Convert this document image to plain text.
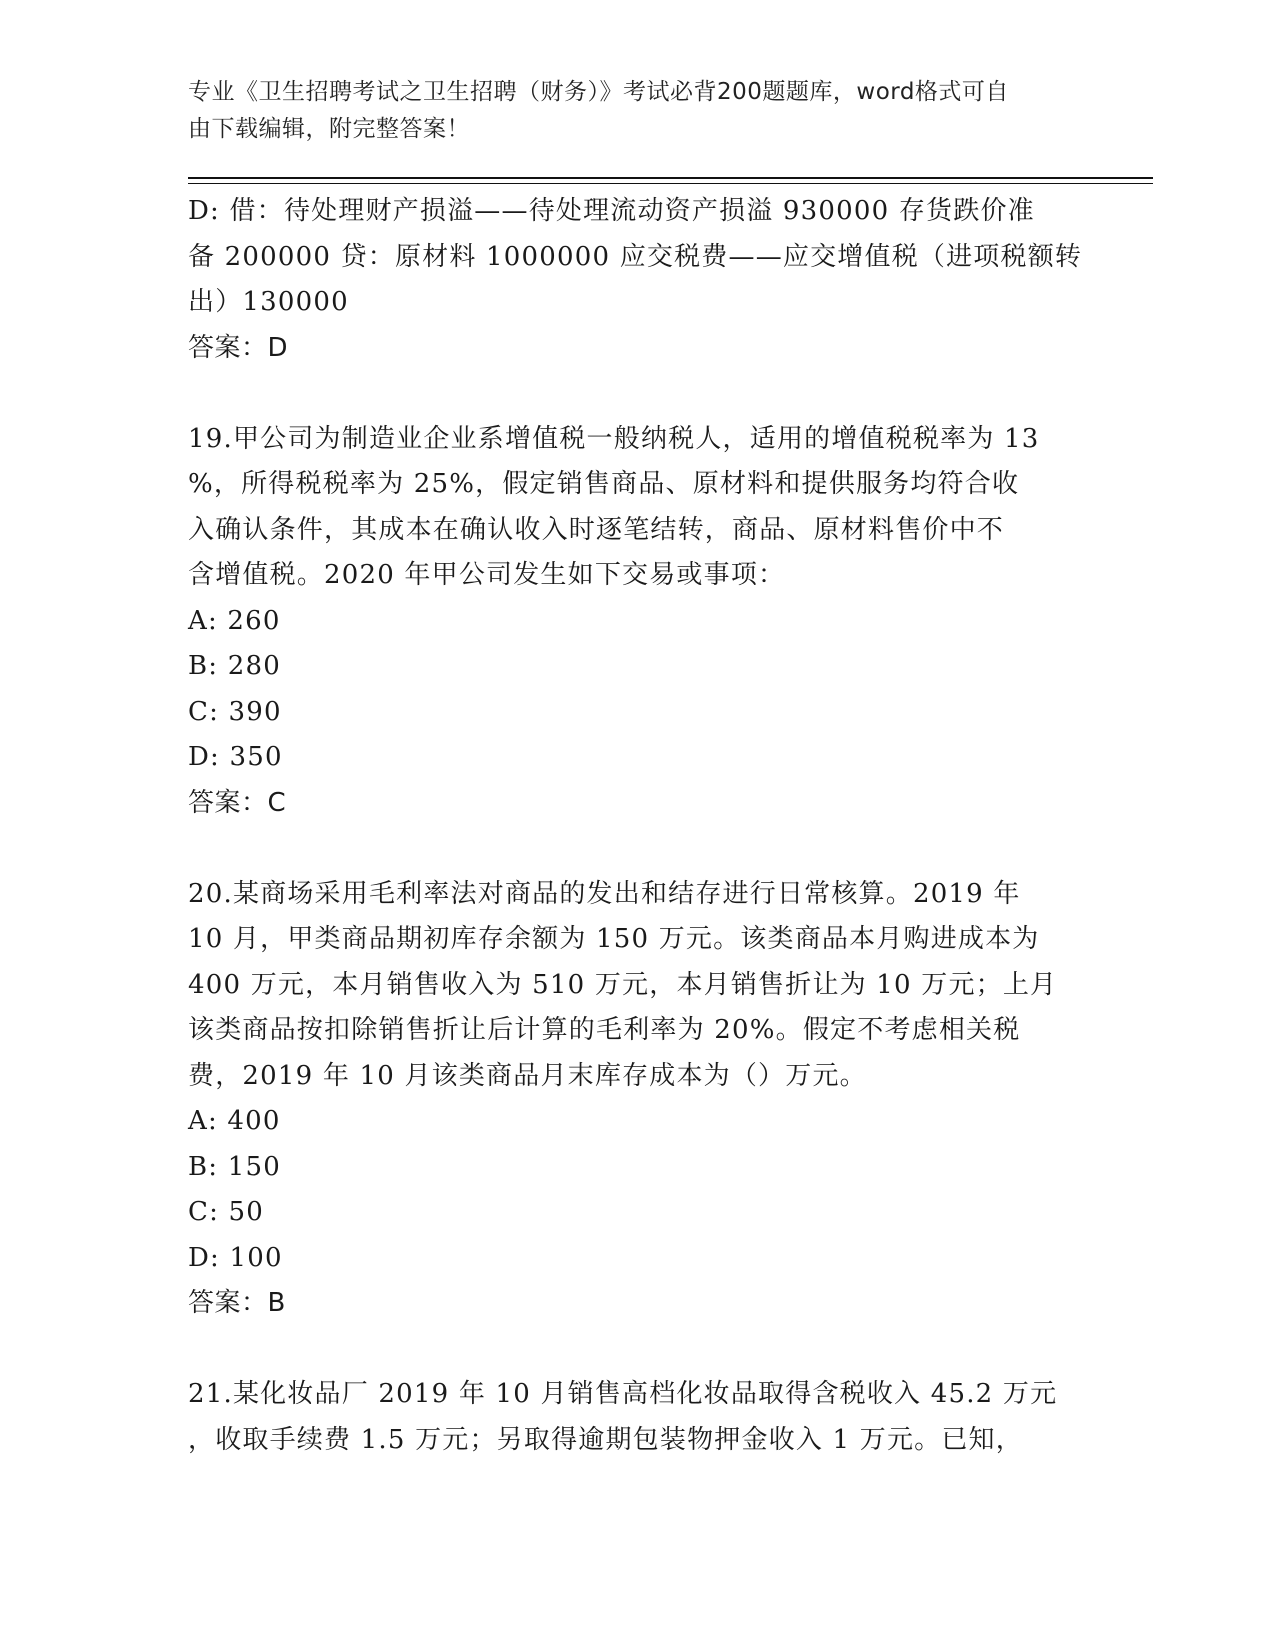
专业《卫生招聘考试之卫生招聘（财务）》考试必背200题题库，word格式可自
由下载编辑，附完整答案！
D: 借：待处理财产损溢——待处理流动资产损溢 930000 存货跌价准
备 200000 贷：原材料 1000000 应交税费——应交增值税（进项税额转
出）130000
答案：D
19.甲公司为制造业企业系增值税一般纳税人，适用的增值税税率为 13
%，所得税税率为 25%，假定销售商品、原材料和提供服务均符合收
入确认条件，其成本在确认收入时逐笔结转，商品、原材料售价中不
含增值税。2020 年甲公司发生如下交易或事项：
A: 260
B: 280
C: 390
D: 350
答案：C
20.某商场采用毛利率法对商品的发出和结存进行日常核算。2019 年
10 月，甲类商品期初库存余额为 150 万元。该类商品本月购进成本为
400 万元，本月销售收入为 510 万元，本月销售折让为 10 万元；上月
该类商品按扣除销售折让后计算的毛利率为 20%。假定不考虑相关税
费，2019 年 10 月该类商品月末库存成本为（）万元。
A: 400
B: 150
C: 50
D: 100
答案：B
21.某化妆品厂 2019 年 10 月销售高档化妆品取得含税收入 45.2 万元
，收取手续费 1.5 万元；另取得逾期包装物押金收入 1 万元。已知，
